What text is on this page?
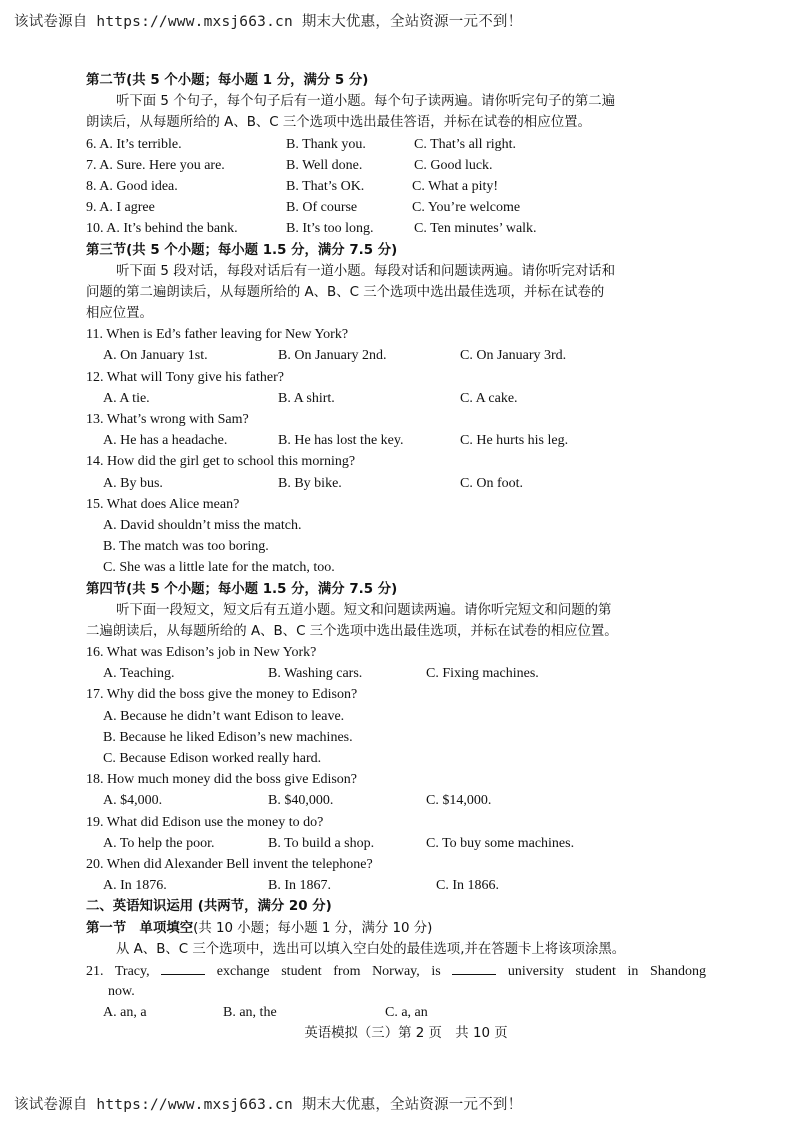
该试卷源自 https://www.mxsj663.cn 期末大优惠，全站资源一元不到！
第二节(共 5 个小题；每小题 1 分，满分 5 分)
听下面 5 个句子，每个句子后有一道小题。每个句子读两遍。请你听完句子的第二遍
朗读后，从每题所给的 A、B、C 三个选项中选出最佳答语，并标在试卷的相应位置。
6. A. It’s terrible.	B. Thank you.	C. That’s all right.
7. A. Sure. Here you are.	B. Well done.	C. Good luck.
8. A. Good idea.	B. That’s OK.	C. What a pity!
9. A. I agree	B. Of course	C. You’re welcome
10. A. It’s behind the bank.	B. It’s too long.	C. Ten minutes’ walk.
第三节(共 5 个小题；每小题 1.5 分，满分 7.5 分)
听下面 5 段对话，每段对话后有一道小题。每段对话和问题读两遍。请你听完对话和
问题的第二遍朗读后，从每题所给的 A、B、C 三个选项中选出最佳选项，并标在试卷的
相应位置。
11. When is Ed’s father leaving for New York?
A. On January 1st.	B. On January 2nd.	C. On January 3rd.
12. What will Tony give his father?
A. A tie.	B. A shirt.	C. A cake.
13. What’s wrong with Sam?
A. He has a headache.	B. He has lost the key.	C. He hurts his leg.
14. How did the girl get to school this morning?
A. By bus.	B. By bike.	C. On foot.
15. What does Alice mean?
A. David shouldn’t miss the match.
B. The match was too boring.
C. She was a little late for the match, too.
第四节(共 5 个小题；每小题 1.5 分，满分 7.5 分)
听下面一段短文，短文后有五道小题。短文和问题读两遍。请你听完短文和问题的第
二遍朗读后，从每题所给的 A、B、C 三个选项中选出最佳选项，并标在试卷的相应位置。
16. What was Edison’s job in New York?
A. Teaching.	B. Washing cars.	C. Fixing machines.
17. Why did the boss give the money to Edison?
A. Because he didn’t want Edison to leave.
B. Because he liked Edison’s new machines.
C. Because Edison worked really hard.
18. How much money did the boss give Edison?
A. $4,000.	B. $40,000.	C. $14,000.
19. What did Edison use the money to do?
A. To help the poor.	B. To build a shop.	C. To buy some machines.
20. When did Alexander Bell invent the telephone?
A. In 1876.	B. In 1867.	C. In 1866.
二、英语知识运用 (共两节，满分 20 分)
第一节　单项填空(共 10 小题；每小题 1 分，满分 10 分)
从 A、B、C 三个选项中，选出可以填入空白处的最佳选项,并在答题卡上将该项涂黑。
21. Tracy,	exchange student from Norway, is	university student in Shandong
now.
A. an, a	B. an, the	C. a, an
英语模拟（三）第 2 页　共 10 页
该试卷源自 https://www.mxsj663.cn 期末大优惠，全站资源一元不到！
